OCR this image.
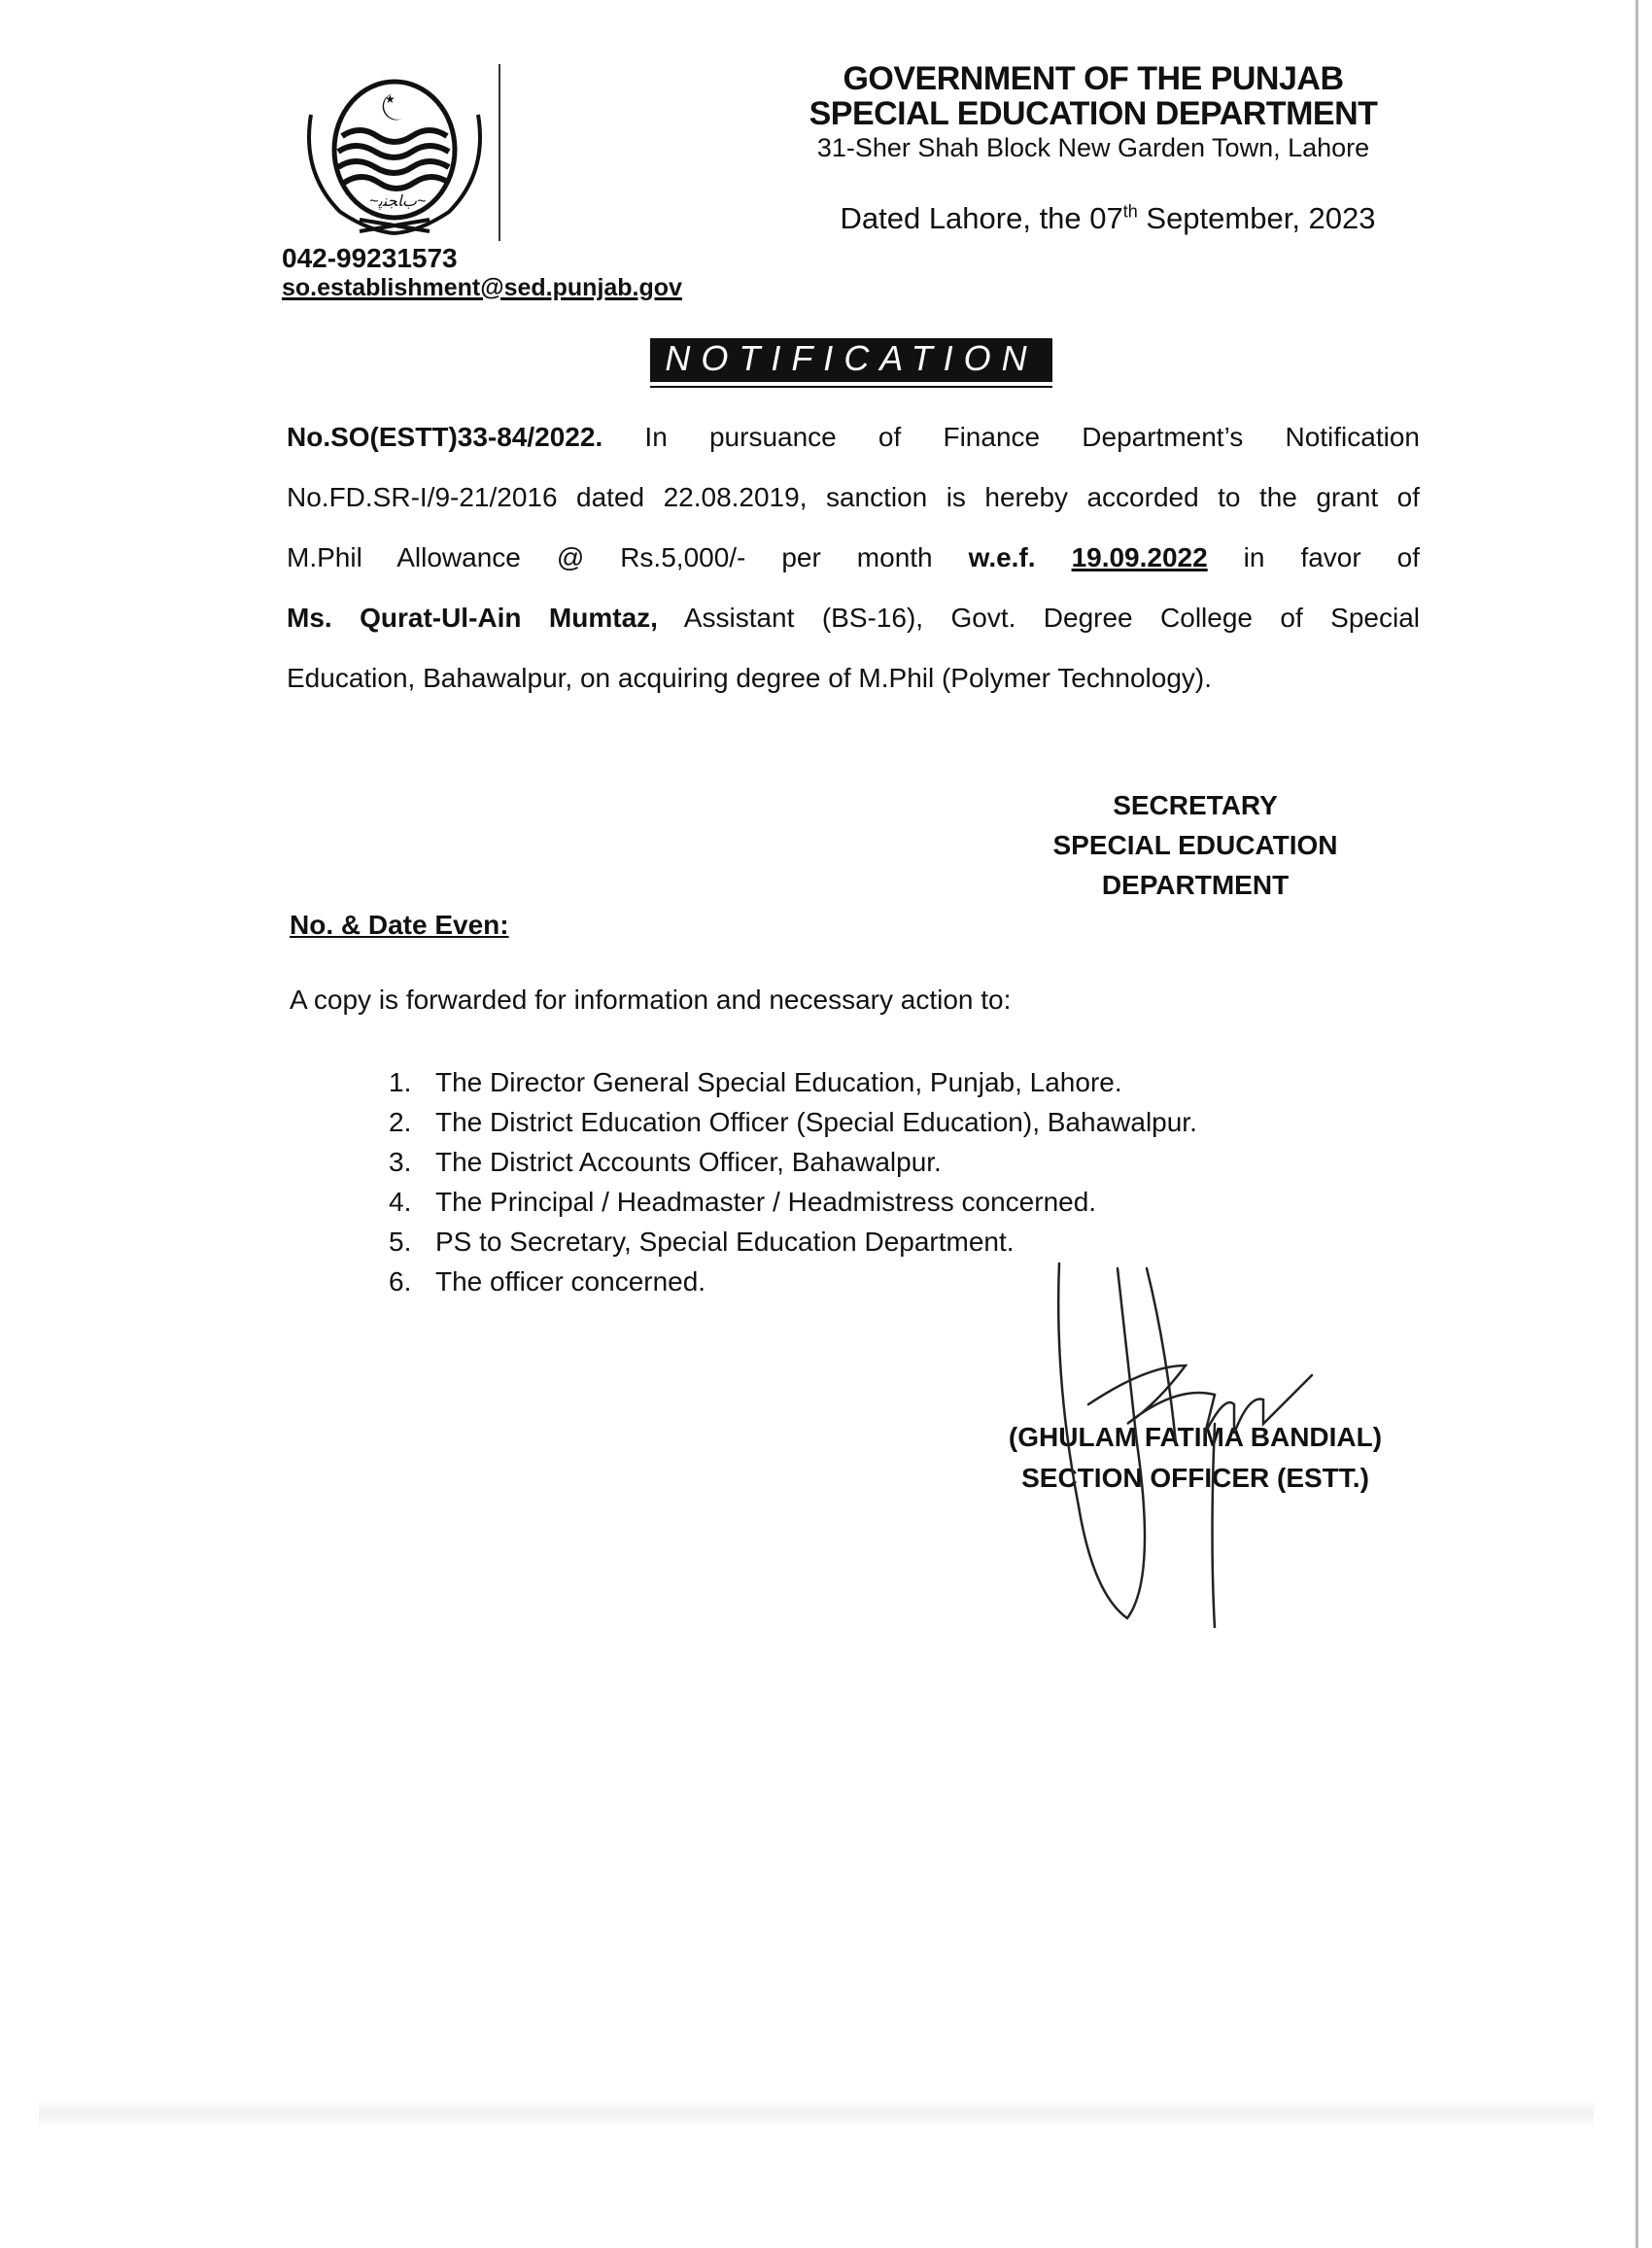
★
~ﺏﺎﺠﻨﭘ~
GOVERNMENT OF THE PUNJAB
SPECIAL EDUCATION DEPARTMENT
31-Sher Shah Block New Garden Town, Lahore
Dated Lahore, the 07th September, 2023
042-99231573
so.establishment@sed.punjab.gov
NOTIFICATION
No.SO(ESTT)33-84/2022. In pursuance of Finance Department’s Notification
No.FD.SR-I/9-21/2016 dated 22.08.2019, sanction is hereby accorded to the grant of
M.Phil Allowance @ Rs.5,000/- per month w.e.f. 19.09.2022 in favor of
Ms. Qurat-Ul-Ain Mumtaz, Assistant (BS-16), Govt. Degree College of Special
Education, Bahawalpur, on acquiring degree of M.Phil (Polymer Technology).
SECRETARY
SPECIAL EDUCATION
DEPARTMENT
No. & Date Even:
A copy is forwarded for information and necessary action to:
1. The Director General Special Education, Punjab, Lahore.
2. The District Education Officer (Special Education), Bahawalpur.
3. The District Accounts Officer, Bahawalpur.
4. The Principal / Headmaster / Headmistress concerned.
5. PS to Secretary, Special Education Department.
6. The officer concerned.
(GHULAM FATIMA BANDIAL)
SECTION OFFICER (ESTT.)
